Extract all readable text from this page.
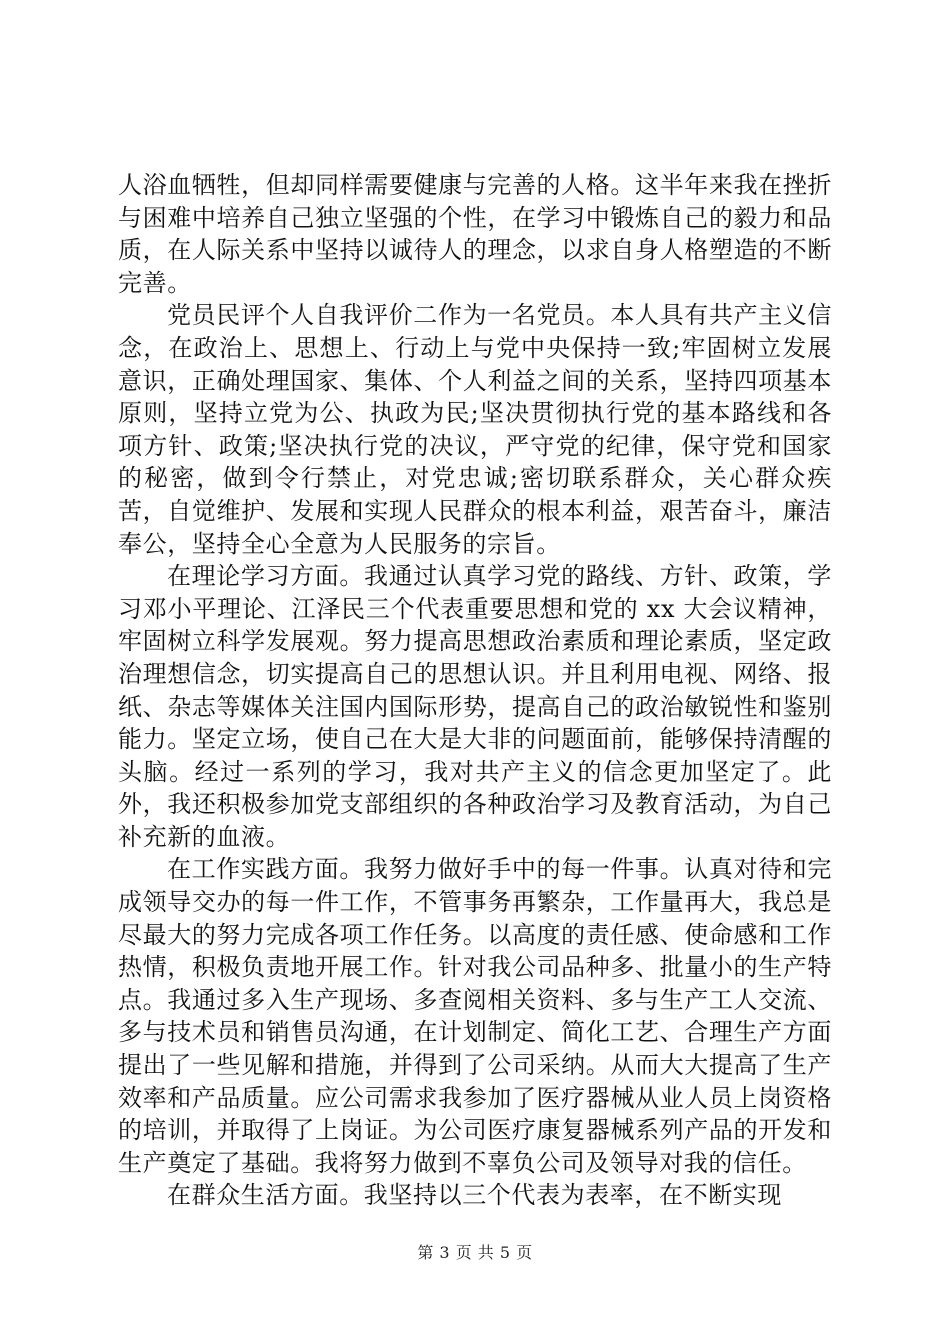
人浴血牺牲，但却同样需要健康与完善的人格。这半年来我在挫折与困难中培养自己独立坚强的个性，在学习中锻炼自己的毅力和品质，在人际关系中坚持以诚待人的理念，以求自身人格塑造的不断完善。

党员民评个人自我评价二作为一名党员。本人具有共产主义信念，在政治上、思想上、行动上与党中央保持一致;牢固树立发展意识，正确处理国家、集体、个人利益之间的关系，坚持四项基本原则，坚持立党为公、执政为民;坚决贯彻执行党的基本路线和各项方针、政策;坚决执行党的决议，严守党的纪律，保守党和国家的秘密，做到令行禁止，对党忠诚;密切联系群众，关心群众疾苦，自觉维护、发展和实现人民群众的根本利益，艰苦奋斗，廉洁奉公，坚持全心全意为人民服务的宗旨。

在理论学习方面。我通过认真学习党的路线、方针、政策，学习邓小平理论、江泽民三个代表重要思想和党的 xx 大会议精神，牢固树立科学发展观。努力提高思想政治素质和理论素质，坚定政治理想信念，切实提高自己的思想认识。并且利用电视、网络、报纸、杂志等媒体关注国内国际形势，提高自己的政治敏锐性和鉴别能力。坚定立场，使自己在大是大非的问题面前，能够保持清醒的头脑。经过一系列的学习，我对共产主义的信念更加坚定了。此外，我还积极参加党支部组织的各种政治学习及教育活动，为自己补充新的血液。

在工作实践方面。我努力做好手中的每一件事。认真对待和完成领导交办的每一件工作，不管事务再繁杂，工作量再大，我总是尽最大的努力完成各项工作任务。以高度的责任感、使命感和工作热情，积极负责地开展工作。针对我公司品种多、批量小的生产特点。我通过多入生产现场、多查阅相关资料、多与生产工人交流、多与技术员和销售员沟通，在计划制定、简化工艺、合理生产方面提出了一些见解和措施，并得到了公司采纳。从而大大提高了生产效率和产品质量。应公司需求我参加了医疗器械从业人员上岗资格的培训，并取得了上岗证。为公司医疗康复器械系列产品的开发和生产奠定了基础。我将努力做到不辜负公司及领导对我的信任。

在群众生活方面。我坚持以三个代表为表率，在不断实现

第 3 页 共 5 页
